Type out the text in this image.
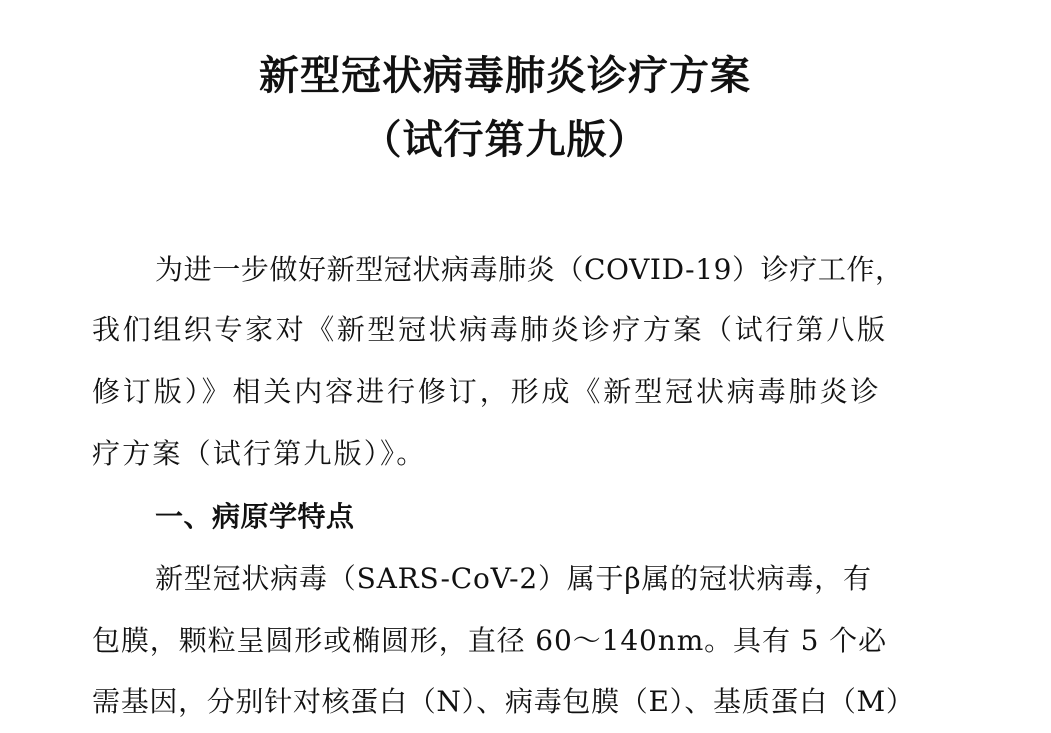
新型冠状病毒肺炎诊疗方案
（试行第九版）
为进一步做好新型冠状病毒肺炎（COVID-19）诊疗工作，
我们组织专家对《新型冠状病毒肺炎诊疗方案（试行第八版
修订版）》相关内容进行修订，形成《新型冠状病毒肺炎诊
疗方案（试行第九版）》。
一、病原学特点
新型冠状病毒（SARS-CoV-2）属于β属的冠状病毒，有
包膜，颗粒呈圆形或椭圆形，直径 60～140nm。具有 5 个必
需基因，分别针对核蛋白（N）、病毒包膜（E）、基质蛋白（M）
